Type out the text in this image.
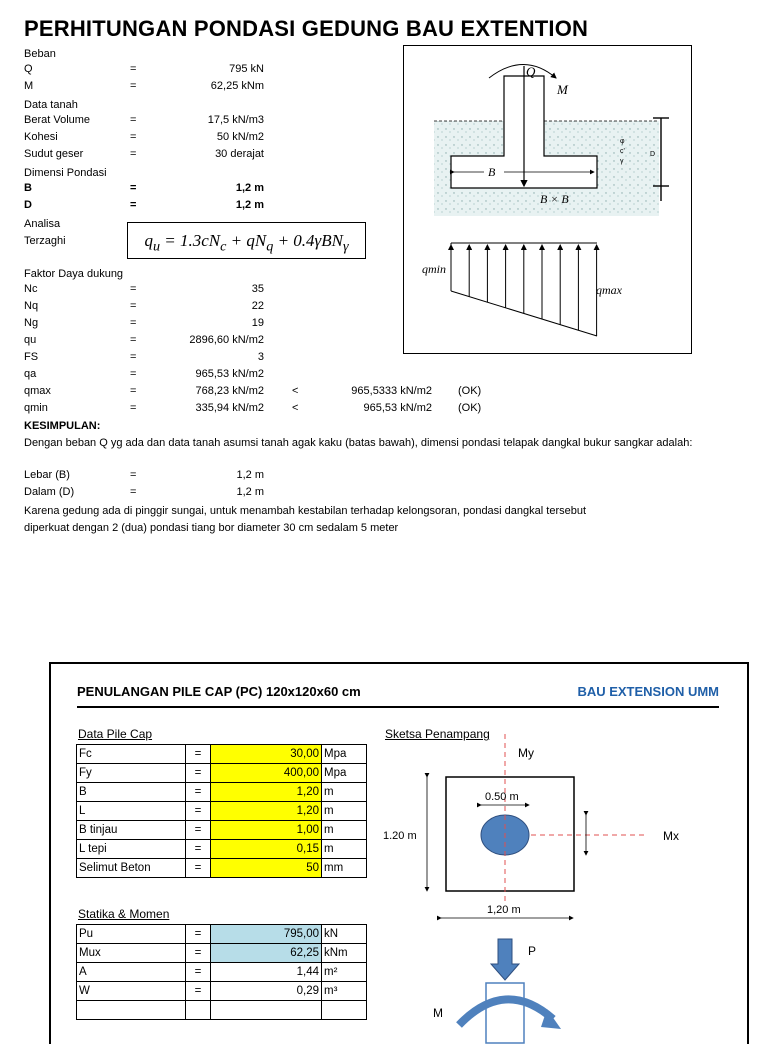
PERHITUNGAN PONDASI GEDUNG BAU EXTENTION
Beban
Data tanah
Dimensi Pondasi
Analisa
Terzaghi	$q_u = 1.3cN_c + qN_q + 0.4\gamma BN_\gamma$
Faktor Daya dukung
KESIMPULAN:
Dengan beban Q yg ada dan data tanah asumsi tanah agak kaku (batas bawah), dimensi pondasi telapak dangkal bukur sangkar adalah:
Karena gedung ada di pinggir sungai, untuk menambah kestabilan terhadap kelongsoran, pondasi dangkal tersebut
diperkuat dengan 2 (dua) pondasi tiang bor diameter 30 cm sedalam 5 meter
Q
M
B
B × B
D
φ
c'
γ
qmin
qmax
PENULANGAN PILE CAP (PC) 120x120x60 cm	BAU EXTENSION UMM
Data Pile Cap
Fc	=	30,00	Mpa
Fy	=	400,00	Mpa
B	=	1,20	m
L	=	1,20	m
B tinjau	=	1,00	m
L tepi	=	0,15	m
Selimut Beton	=	50	mm
Statika & Momen
Pu	=	795,00	kN
Mux	=	62,25	kNm
A	=	1,44	m²
W	=	0,29	m³

Sketsa Penampang
My
Mx
0.50 m
1.20 m
1,20 m
P
M
Q	=	795 kN
M	=	62,25 kNm
Berat Volume	=	17,5 kN/m3
Kohesi	=	50 kN/m2
Sudut geser	=	30 derajat
B	=	1,2 m
D	=	1,2 m
Nc	=	35
Nq	=	22
Ng	=	19
qu	=	2896,60 kN/m2
FS	=	3
qa	=	965,53 kN/m2
qmax	=	768,23 kN/m2	<	965,5333 kN/m2 (OK)
qmin	=	335,94 kN/m2	<	965,53 kN/m2 (OK)
Lebar (B)	=	1,2 m
Dalam (D)	=	1,2 m
